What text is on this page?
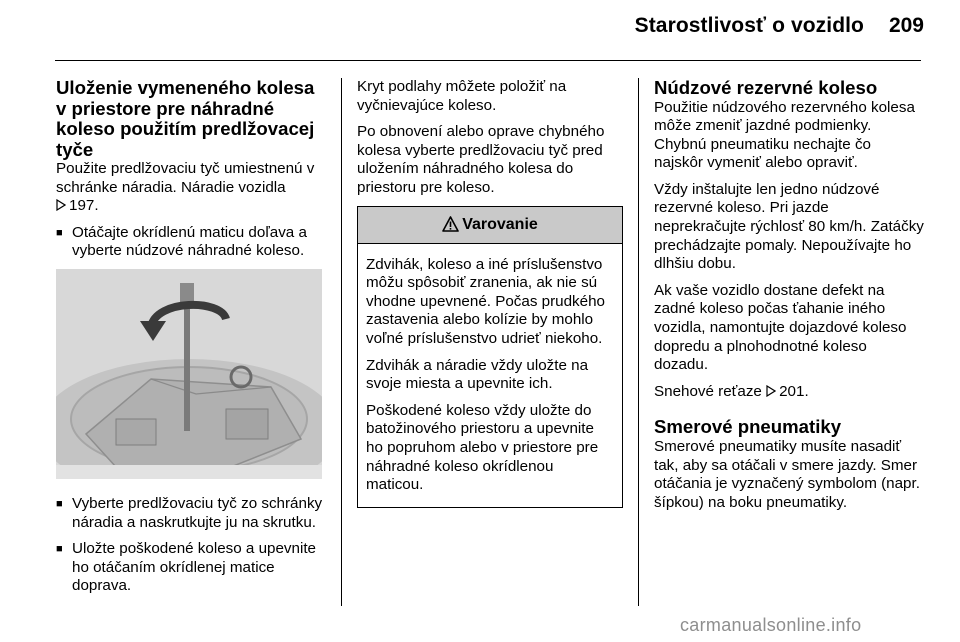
Starostlivosť o vozidlo 209
Uloženie vymeneného kolesa v priestore pre náhradné koleso použitím predlžovacej tyče

Použite predlžovaciu tyč umiestnenú v schránke náradia. Náradie vozidla 197.

■ Otáčajte okrídlenú maticu doľava a vyberte núdzové náhradné koleso.
■ Vyberte predlžovaciu tyč zo schránky náradia a naskrutkujte ju na skrutku.
■ Uložte poškodené koleso a upevnite ho otáčaním okrídlenej matice doprava.

Kryt podlahy môžete položiť na vyčnievajúce koleso.

Po obnovení alebo oprave chybného kolesa vyberte predlžovaciu tyč pred uložením náhradného kolesa do priestoru pre koleso.

Varovanie

Zdvihák, koleso a iné príslušenstvo môžu spôsobiť zranenia, ak nie sú vhodne upevnené. Počas prudkého zastavenia alebo kolízie by mohlo voľné príslušenstvo udrieť niekoho.

Zdvihák a náradie vždy uložte na svoje miesta a upevnite ich.

Poškodené koleso vždy uložte do batožinového priestoru a upevnite ho popruhom alebo v priestore pre náhradné koleso okrídlenou maticou.

Núdzové rezervné koleso

Použitie núdzového rezervného kolesa môže zmeniť jazdné podmienky. Chybnú pneumatiku nechajte čo najskôr vymeniť alebo opraviť.

Vždy inštalujte len jedno núdzové rezervné koleso. Pri jazde neprekračujte rýchlosť 80 km/h. Zatáčky prechádzajte pomaly. Nepoužívajte ho dlhšiu dobu.

Ak vaše vozidlo dostane defekt na zadné koleso počas ťahanie iného vozidla, namontujte dojazdové koleso dopredu a plnohodnotné koleso dozadu.

Snehové reťaze 201.

Smerové pneumatiky

Smerové pneumatiky musíte nasadiť tak, aby sa otáčali v smere jazdy. Smer otáčania je vyznačený symbolom (napr. šípkou) na boku pneumatiky.

carmanualsonline.info
